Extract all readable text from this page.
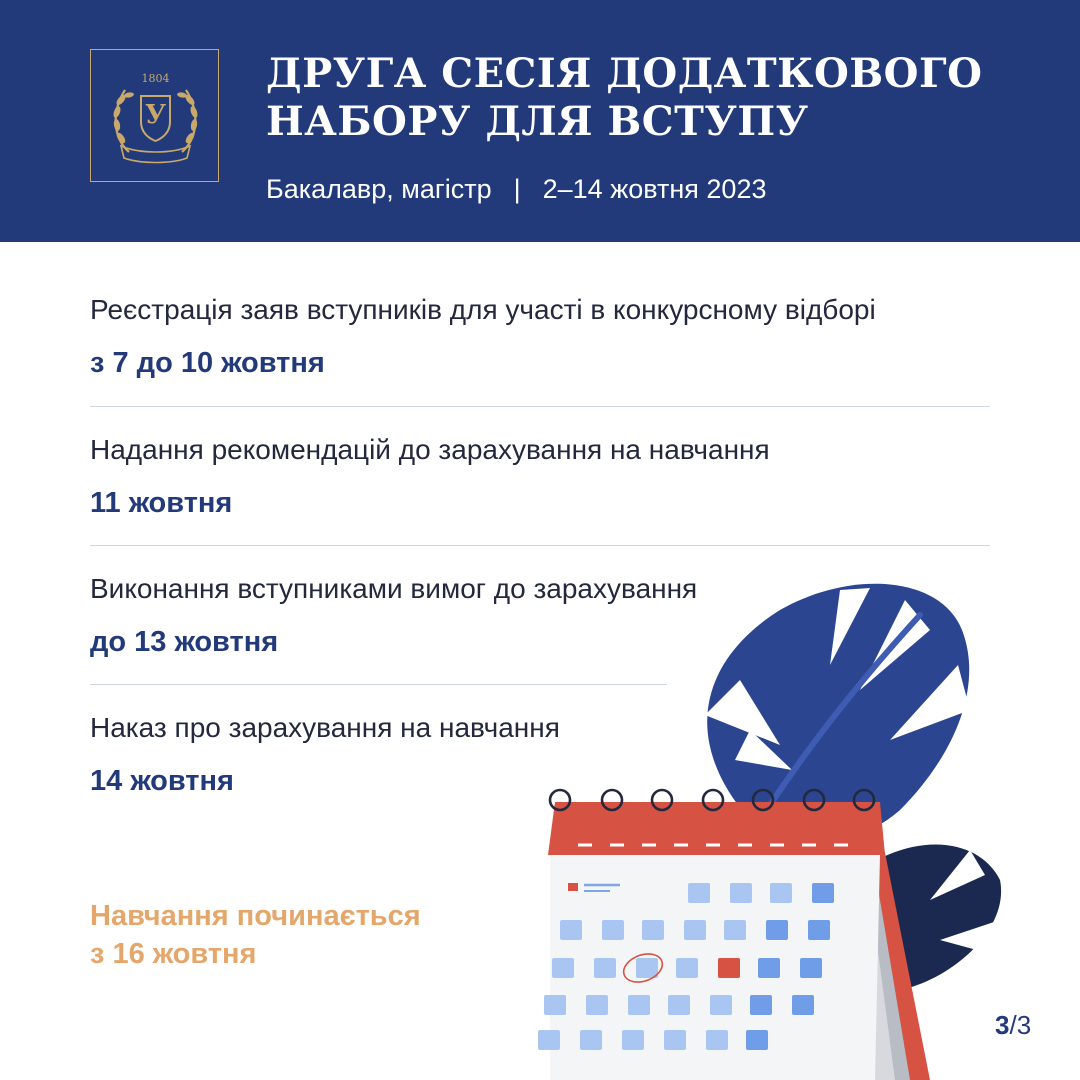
1804
У
ДРУГА СЕСІЯ ДОДАТКОВОГО
НАБОРУ ДЛЯ ВСТУПУ
Бакалавр, магістр | 2–14 жовтня 2023
Реєстрація заяв вступників для участі в конкурсному відборі
з 7 до 10 жовтня
Надання рекомендацій до зарахування на навчання
11 жовтня
Виконання вступниками вимог до зарахування
до 13 жовтня
Наказ про зарахування на навчання
14 жовтня
Навчання починається
з 16 жовтня
3/3
